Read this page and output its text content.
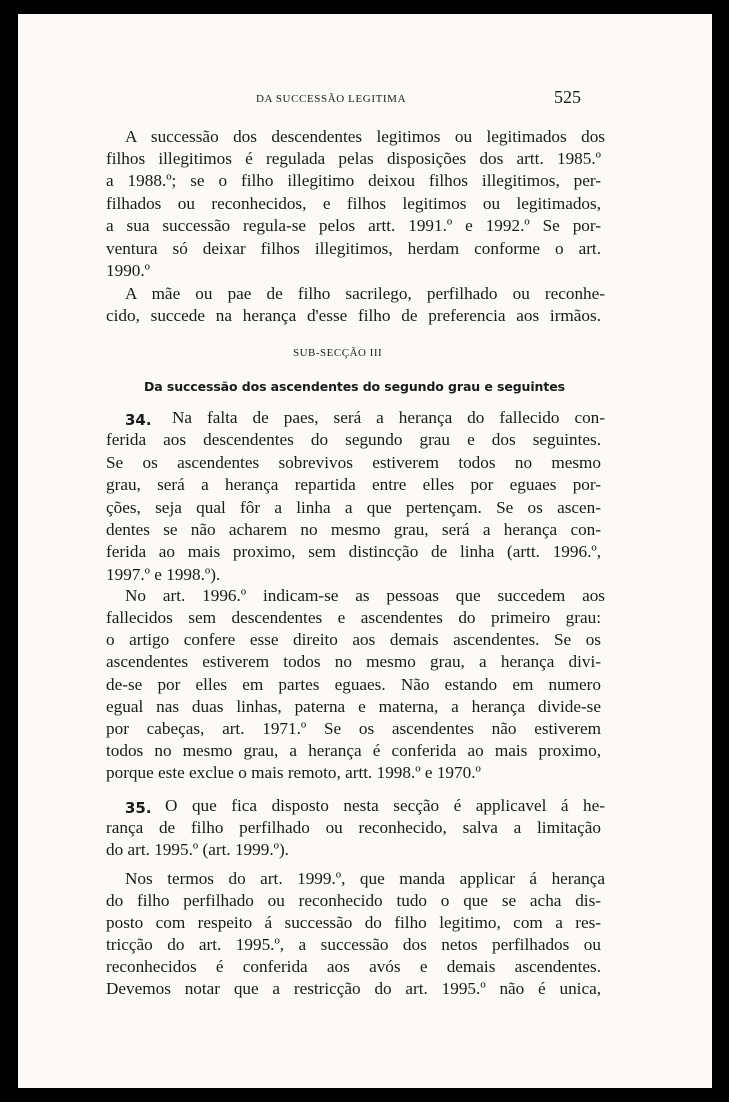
DA SUCCESSÃO LEGITIMA	525
A successão dos descendentes legitimos ou legitimados dos
filhos illegitimos é regulada pelas disposições dos artt. 1985.º
a 1988.º; se o filho illegitimo deixou filhos illegitimos, per-
filhados ou reconhecidos, e filhos legitimos ou legitimados,
a sua successão regula-se pelos artt. 1991.º e 1992.º Se por-
ventura só deixar filhos illegitimos, herdam conforme o art.
1990.º
A mãe ou pae de filho sacrilego, perfilhado ou reconhe-
cido, succede na herança d'esse filho de preferencia aos irmãos.
SUB-SECÇÃO III
Da successão dos ascendentes do segundo grau e seguintes
34. Na falta de paes, será a herança do fallecido con-
ferida aos descendentes do segundo grau e dos seguintes.
Se os ascendentes sobrevivos estiverem todos no mesmo
grau, será a herança repartida entre elles por eguaes por-
ções, seja qual fôr a linha a que pertençam. Se os ascen-
dentes se não acharem no mesmo grau, será a herança con-
ferida ao mais proximo, sem distincção de linha (artt. 1996.º,
1997.º e 1998.º).
No art. 1996.º indicam-se as pessoas que succedem aos
fallecidos sem descendentes e ascendentes do primeiro grau:
o artigo confere esse direito aos demais ascendentes. Se os
ascendentes estiverem todos no mesmo grau, a herança divi-
de-se por elles em partes eguaes. Não estando em numero
egual nas duas linhas, paterna e materna, a herança divide-se
por cabeças, art. 1971.º Se os ascendentes não estiverem
todos no mesmo grau, a herança é conferida ao mais proximo,
porque este exclue o mais remoto, artt. 1998.º e 1970.º
35. O que fica disposto nesta secção é applicavel á he-
rança de filho perfilhado ou reconhecido, salva a limitação
do art. 1995.º (art. 1999.º).
Nos termos do art. 1999.º, que manda applicar á herança
do filho perfilhado ou reconhecido tudo o que se acha dis-
posto com respeito á successão do filho legitimo, com a res-
tricção do art. 1995.º, a successão dos netos perfilhados ou
reconhecidos é conferida aos avós e demais ascendentes.
Devemos notar que a restricção do art. 1995.º não é unica,
